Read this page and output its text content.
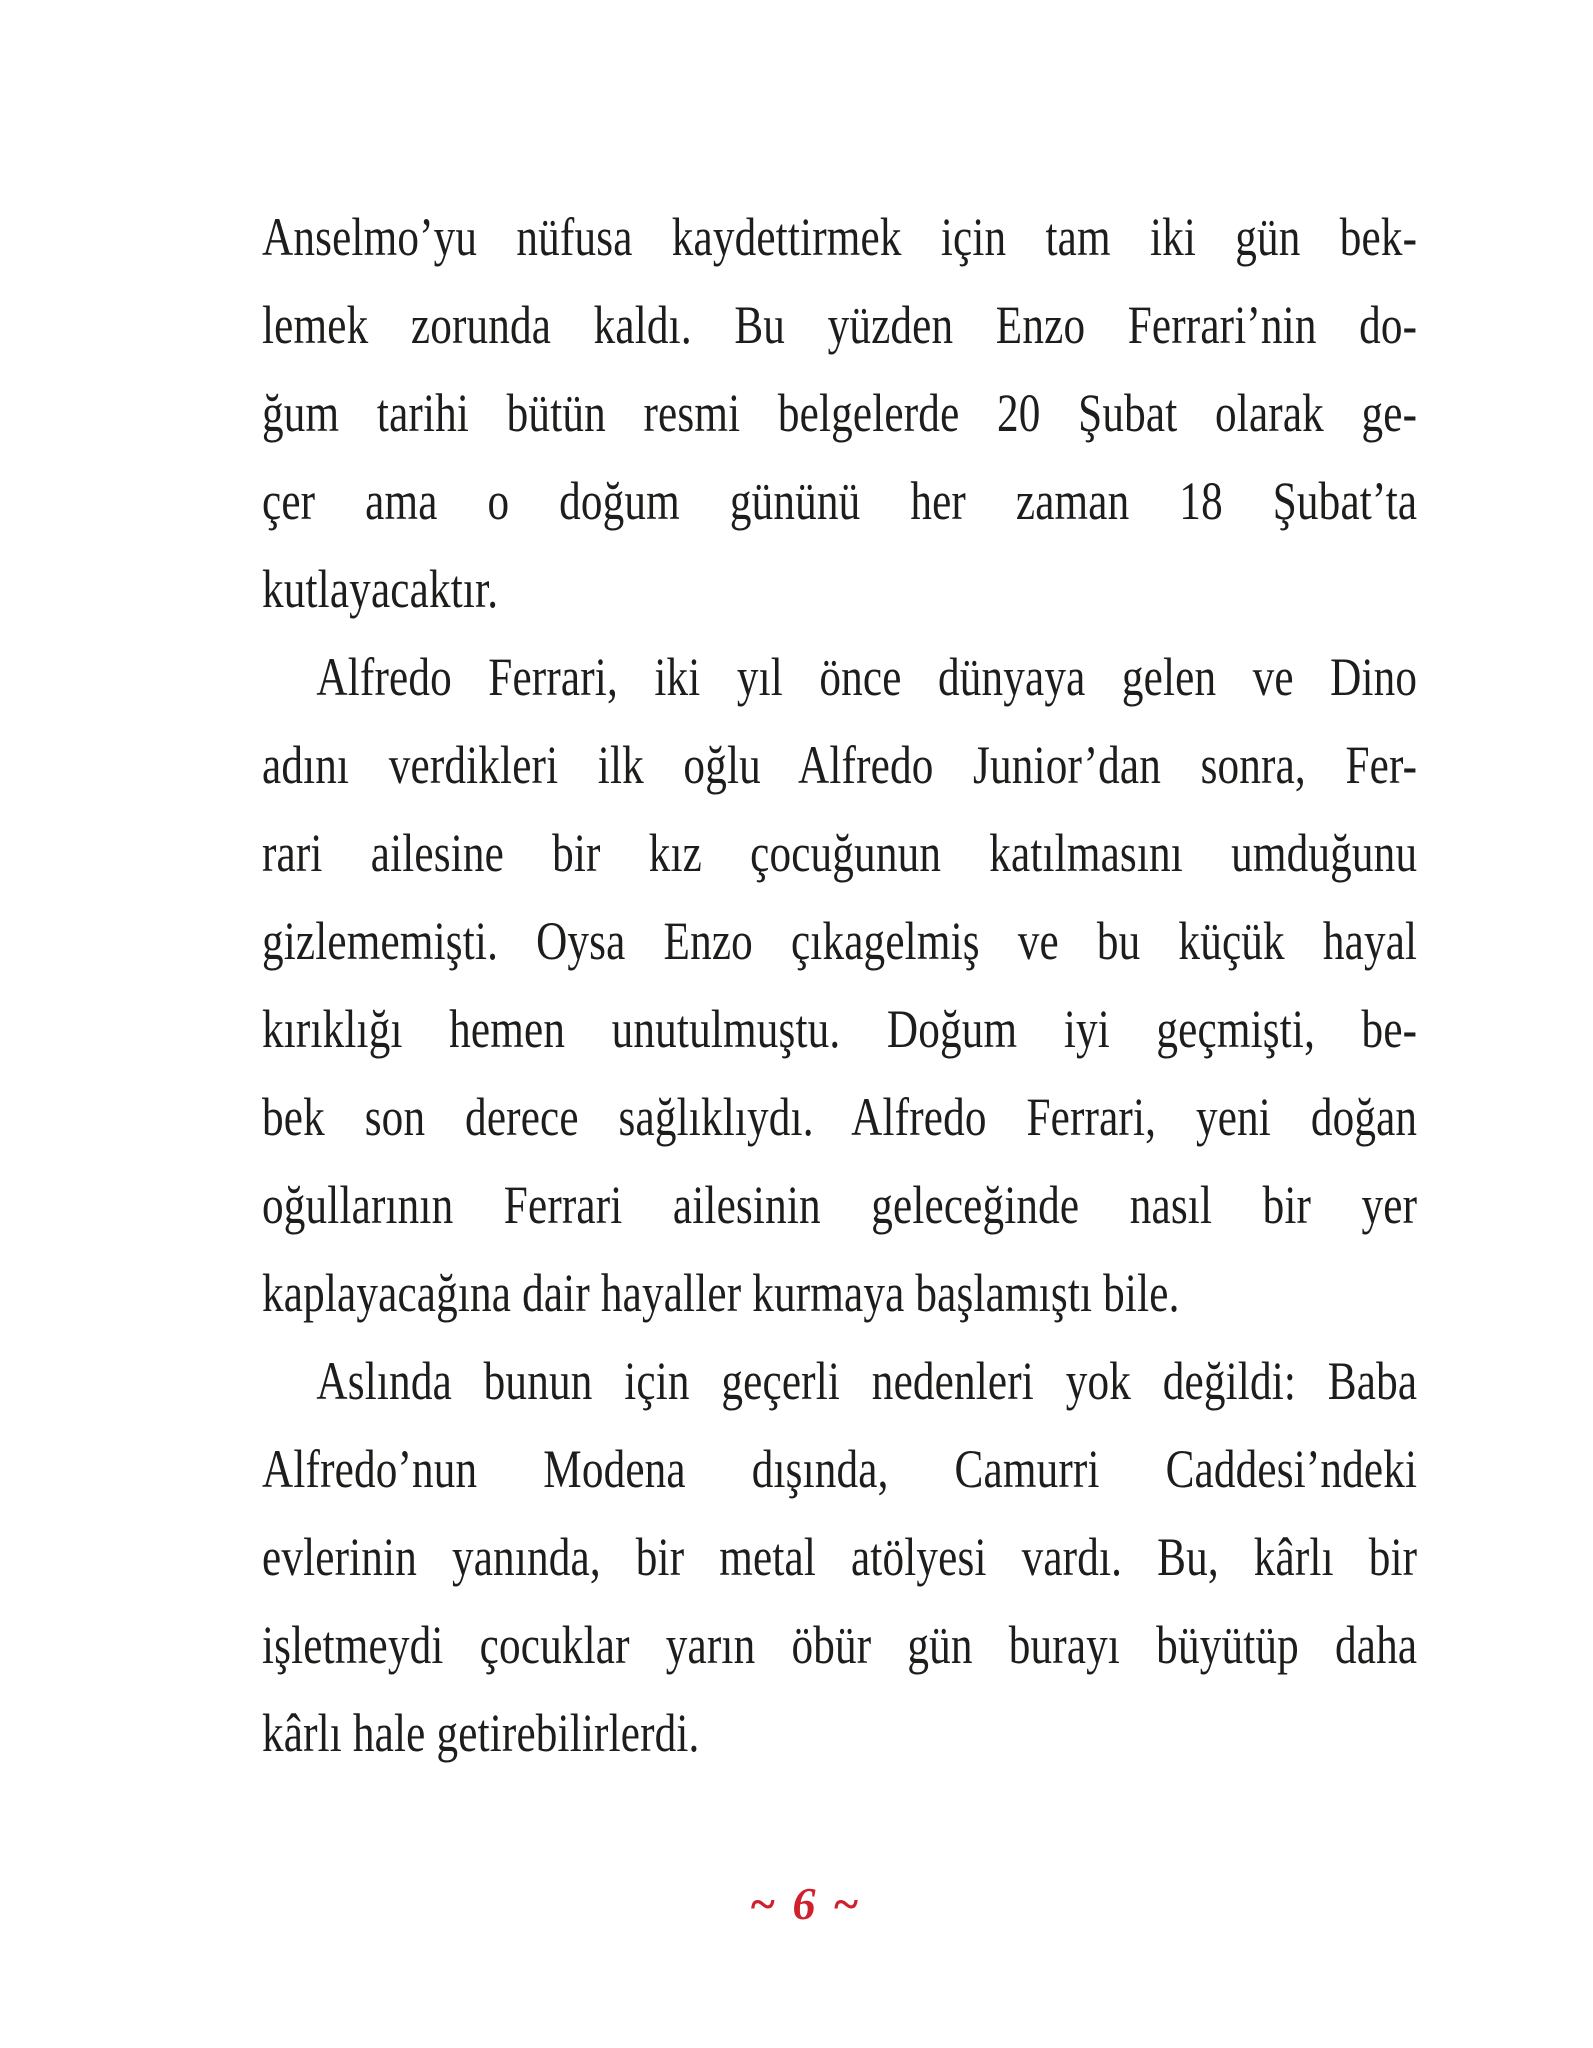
Anselmo’yu nüfusa kaydettirmek için tam iki gün bek-
lemek zorunda kaldı. Bu yüzden Enzo Ferrari’nin do-
ğum tarihi bütün resmi belgelerde 20 Şubat olarak ge-
çer ama o doğum gününü her zaman 18 Şubat’ta
kutlayacaktır.
Alfredo Ferrari, iki yıl önce dünyaya gelen ve Dino
adını verdikleri ilk oğlu Alfredo Junior’dan sonra, Fer-
rari ailesine bir kız çocuğunun katılmasını umduğunu
gizlememişti. Oysa Enzo çıkagelmiş ve bu küçük hayal
kırıklığı hemen unutulmuştu. Doğum iyi geçmişti, be-
bek son derece sağlıklıydı. Alfredo Ferrari, yeni doğan
oğullarının Ferrari ailesinin geleceğinde nasıl bir yer
kaplayacağına dair hayaller kurmaya başlamıştı bile.
Aslında bunun için geçerli nedenleri yok değildi: Baba
Alfredo’nun Modena dışında, Camurri Caddesi’ndeki
evlerinin yanında, bir metal atölyesi vardı. Bu, kârlı bir
işletmeydi çocuklar yarın öbür gün burayı büyütüp daha
kârlı hale getirebilirlerdi.
~6~
